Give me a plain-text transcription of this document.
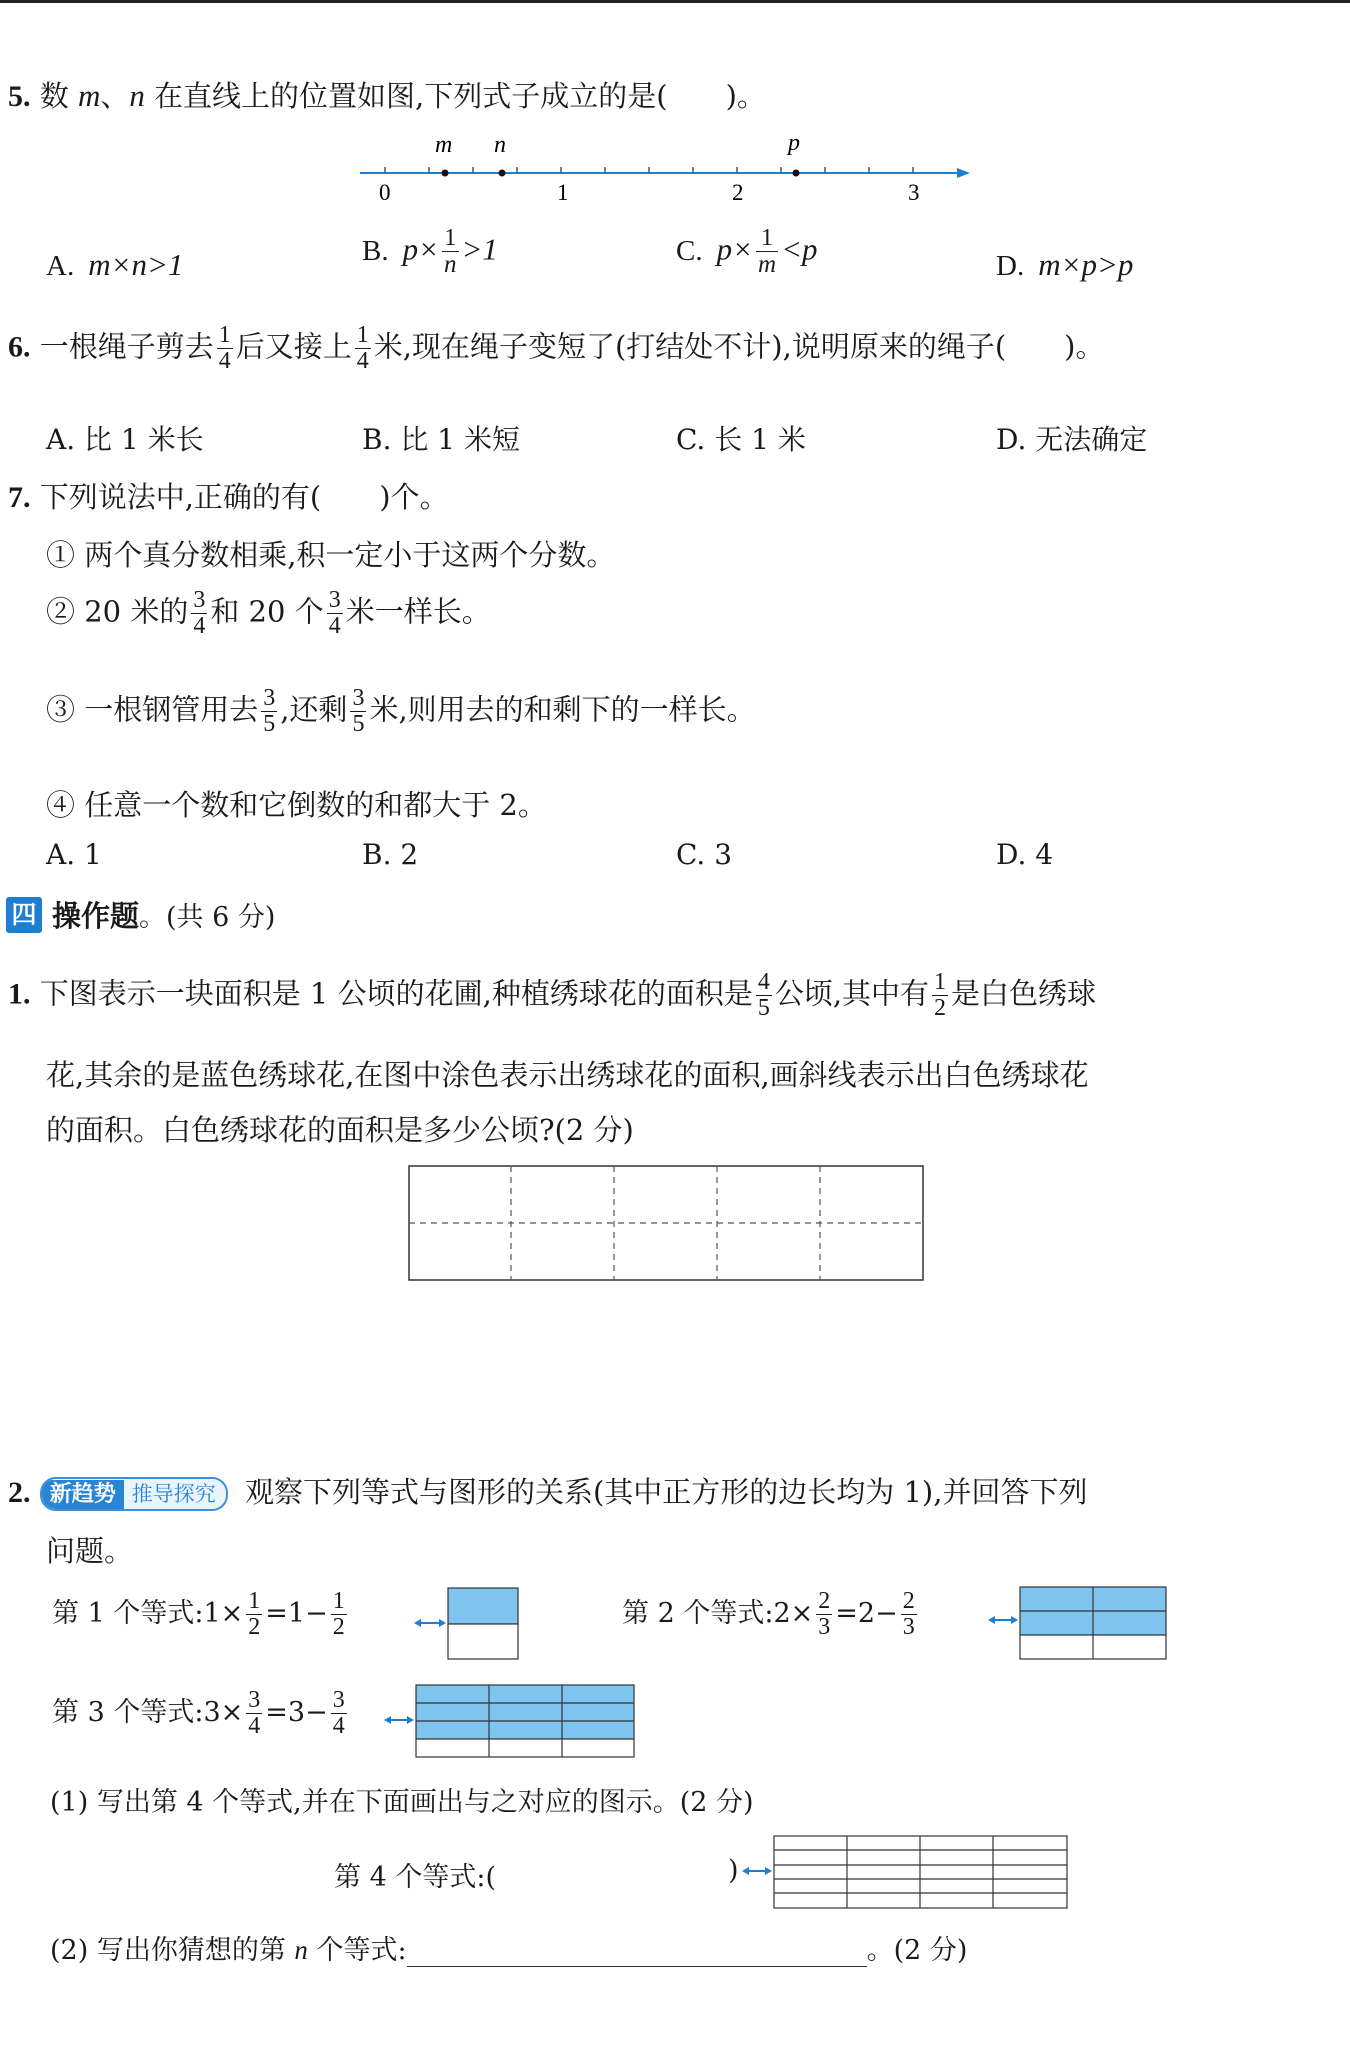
5. 数 m、n 在直线上的位置如图,下列式子成立的是(　　)。
m n	p
0	1	2	3
A. m×n>1	B. $p\times \frac{1}{n} >1$	C. $p\times \frac{1}{m} <p$	D. m×p>p
6. 一根绳子剪去 $\frac{1}{4}$ 后又接上 $\frac{1}{4}$ 米,现在绳子变短了(打结处不计),说明原来的绳子(　　)。
A. 比 1 米长	B. 比 1 米短	C. 长 1 米	D. 无法确定
7. 下列说法中,正确的有(　　)个。
① 两个真分数相乘,积一定小于这两个分数。
② 20 米的 $\frac{3}{4}$ 和 20 个 $\frac{3}{4}$ 米一样长。
③ 一根钢管用去 $\frac{3}{5}$ ,还剩 $\frac{3}{5}$ 米,则用去的和剩下的一样长。
④ 任意一个数和它倒数的和都大于 2。
A. 1	B. 2	C. 3	D. 4
四 操作题。(共 6 分)
1. 下图表示一块面积是 1 公顷的花圃,种植绣球花的面积是 $\frac{4}{5}$ 公顷,其中有 $\frac{1}{2}$ 是白色绣球
花,其余的是蓝色绣球花,在图中涂色表示出绣球花的面积,画斜线表示出白色绣球花
的面积。白色绣球花的面积是多少公顷?(2 分)
2. 新趋势 推导探究 观察下列等式与图形的关系(其中正方形的边长均为 1),并回答下列
问题。
第 1 个等式:1× $\frac{1}{2} =1- \frac{1}{2}$	第 2 个等式:2× $\frac{2}{3} =2- \frac{2}{3}$
第 3 个等式:3× $\frac{3}{4} =3- \frac{3}{4}$
(1) 写出第 4 个等式,并在下面画出与之对应的图示。(2 分)
第 4 个等式:(	)
(2) 写出你猜想的第 n 个等式:	。(2 分)
